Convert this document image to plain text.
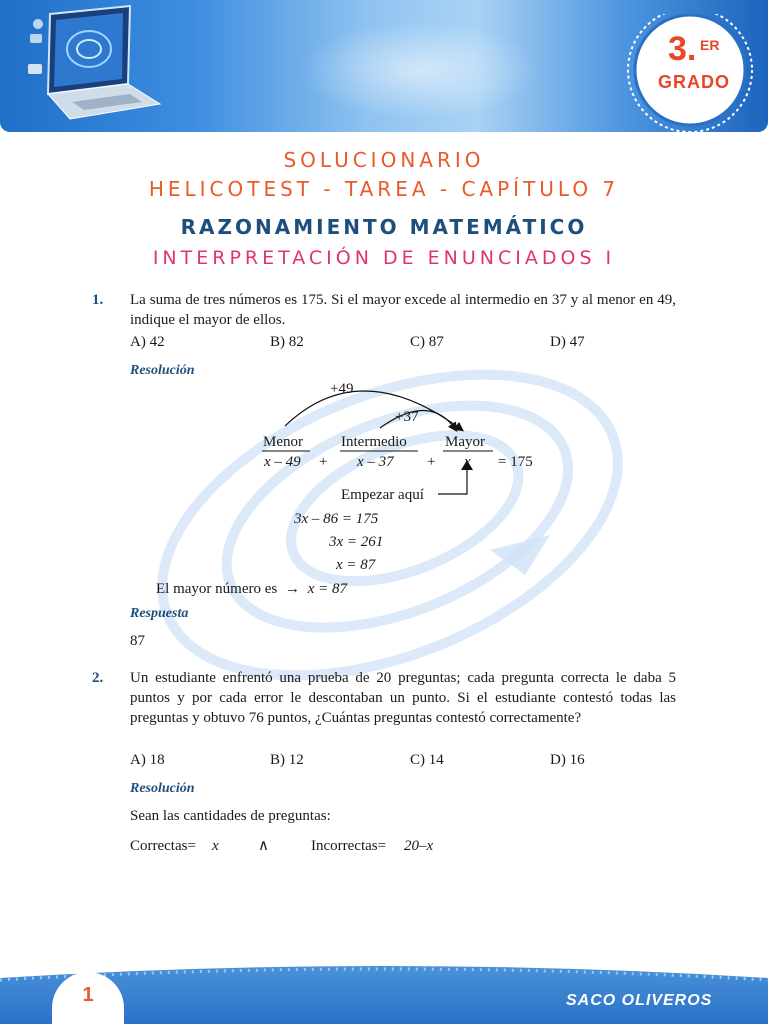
3. ER
GRADO
SOLUCIONARIO
HELICOTEST - TAREA - CAPÍTULO 7
RAZONAMIENTO MATEMÁTICO
INTERPRETACIÓN DE ENUNCIADOS I
1. La suma de tres números es 175. Si el mayor excede al intermedio en 37 y al menor en 49, indique el mayor de ellos.
A) 42	B) 82	C) 87	D) 47
Resolución
+49
+37
Menor	Intermedio	Mayor
x – 49 + x – 37 + x = 175
Empezar aquí
3x – 86 = 175
3x = 261
x = 87
El mayor número es → x = 87
Respuesta
87
2. Un estudiante enfrentó una prueba de 20 preguntas; cada pregunta correcta le daba 5 puntos y por cada error le descontaban un punto. Si el estudiante contestó todas las preguntas y obtuvo 76 puntos, ¿Cuántas preguntas contestó correctamente?
A) 18	B) 12	C) 14	D) 16
Resolución
Sean las cantidades de preguntas:
Correctas= x	∧	Incorrectas= 20–x
1	SACO OLIVEROS
